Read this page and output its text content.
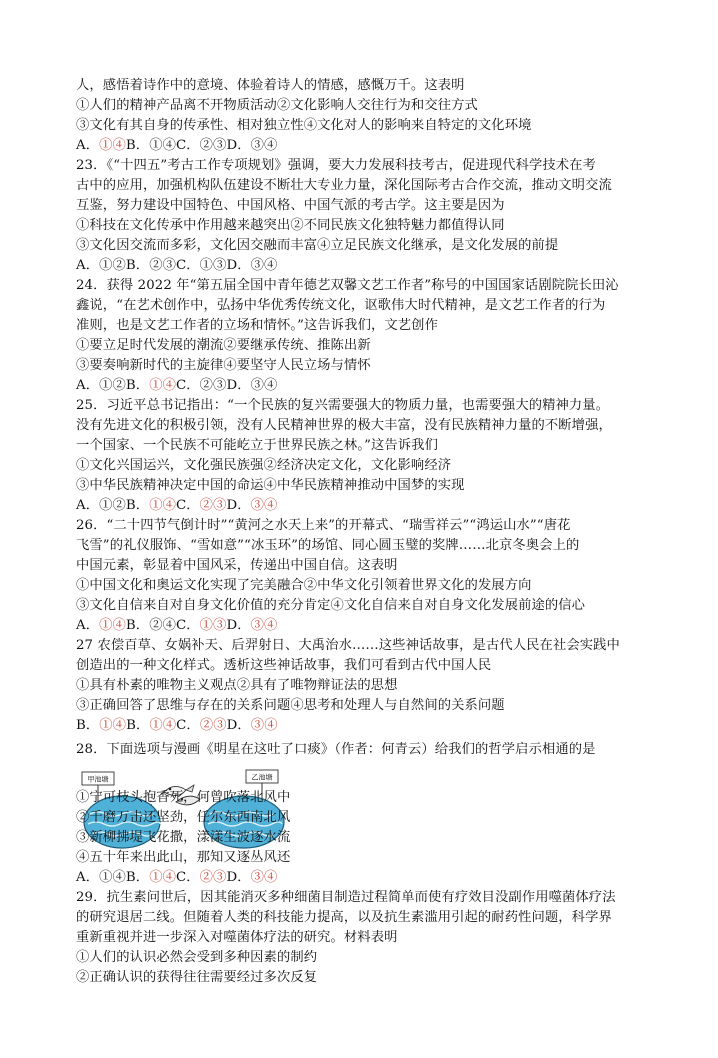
人，感悟着诗作中的意境、体验着诗人的情感，感慨万千。这表明
①人们的精神产品离不开物质活动②文化影响人交往行为和交往方式
③文化有其自身的传承性、相对独立性④文化对人的影响来自特定的文化环境
A．①④B．①④C．②③D．③④
23．《“十四五”考古工作专项规划》强调，要大力发展科技考古，促进现代科学技术在考
古中的应用，加强机构队伍建设不断壮大专业力量，深化国际考古合作交流，推动文明交流
互鉴，努力建设中国特色、中国风格、中国气派的考古学。这主要是因为
①科技在文化传承中作用越来越突出②不同民族文化独特魅力都值得认同
③文化因交流而多彩，文化因交融而丰富④立足民族文化继承，是文化发展的前提
A．①②B．②③C．①③D．③④
24．获得 2022 年“第五届全国中青年德艺双馨文艺工作者”称号的中国国家话剧院院长田沁
鑫说，“在艺术创作中，弘扬中华优秀传统文化，讴歌伟大时代精神，是文艺工作者的行为
准则，也是文艺工作者的立场和情怀。”这告诉我们，文艺创作
①要立足时代发展的潮流②要继承传统、推陈出新
③要奏响新时代的主旋律④要坚守人民立场与情怀
A．①②B．①④C．②③D．③④
25．习近平总书记指出：“一个民族的复兴需要强大的物质力量，也需要强大的精神力量。
没有先进文化的积极引领，没有人民精神世界的极大丰富，没有民族精神力量的不断增强，
一个国家、一个民族不可能屹立于世界民族之林。”这告诉我们
①文化兴国运兴，文化强民族强②经济决定文化，文化影响经济
③中华民族精神决定中国的命运④中华民族精神推动中国梦的实现
A．①②B．①④C．②③D．③④
26．“二十四节气倒计时”“黄河之水天上来”的开幕式、“瑞雪祥云”“鸿运山水”“唐花
飞雪”的礼仪服饰、“雪如意”“冰玉环”的场馆、同心圆玉璧的奖牌……北京冬奥会上的
中国元素，彰显着中国风采，传递出中国自信。这表明
①中国文化和奥运文化实现了完美融合②中华文化引领着世界文化的发展方向
③文化自信来自对自身文化价值的充分肯定④文化自信来自对自身文化发展前途的信心
A．①④B．②④C．①③D．③④
27 农偿百草、女娲补天、后羿射日、大禹治水……这些神话故事，是古代人民在社会实践中
创造出的一种文化样式。透析这些神话故事，我们可看到古代中国人民
①具有朴素的唯物主义观点②具有了唯物辩证法的思想
③正确回答了思维与存在的关系问题④思考和处理人与自然间的关系问题
B．①④B．①④C．②③D．③④
28．下面选项与漫画《明星在这吐了口痰》（作者：何青云）给我们的哲学启示相通的是
甲池塘	乙池塘
①宁可枝头抱香死，何曾吹落北风中
②千磨万击还坚劲，任尔东西南北风
③新柳拂堤飞花撒，漾漾生波逐水流
④五十年来出此山，那知又逐丛风还
A．①④B．①④C．②③D．③④
29．抗生素问世后，因其能消灭多种细菌目制造过程简单而使有疗效目没副作用噬菌体疗法
的研究退居二线。但随着人类的科技能力提高，以及抗生素滥用引起的耐药性问题，科学界
重新重视并进一步深入对噬菌体疗法的研究。材料表明
①人们的认识必然会受到多种因素的制约
②正确认识的获得往往需要经过多次反复
